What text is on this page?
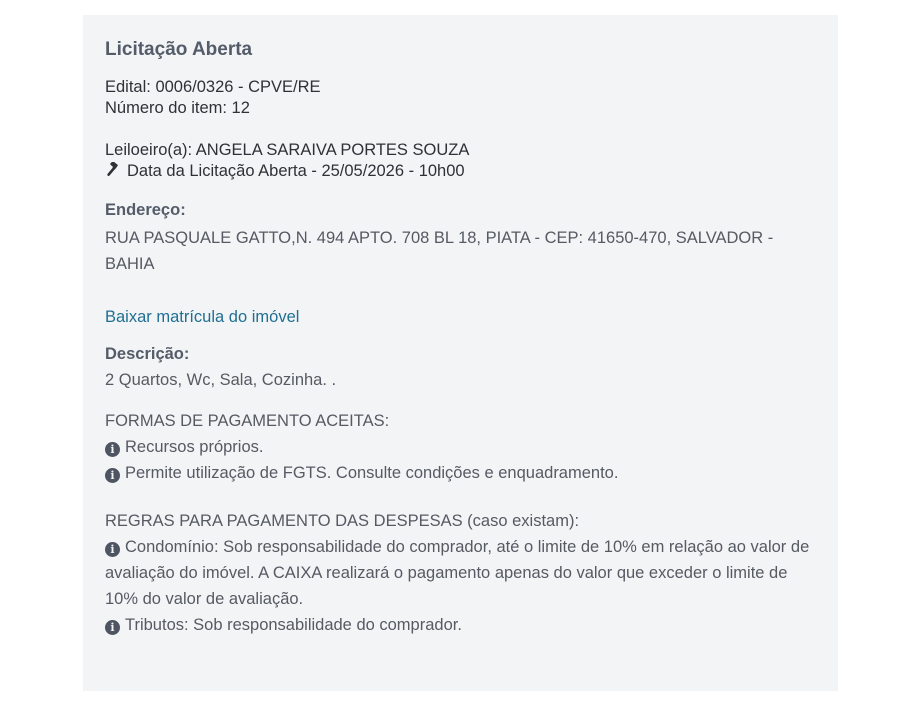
Licitação Aberta
Edital: 0006/0326 - CPVE/RE
Número do item: 12
Leiloeiro(a): ANGELA SARAIVA PORTES SOUZA
Data da Licitação Aberta - 25/05/2026 - 10h00
Endereço:
RUA PASQUALE GATTO,N. 494 APTO. 708 BL 18, PIATA - CEP: 41650-470, SALVADOR - BAHIA
Baixar matrícula do imóvel
Descrição:
2 Quartos, Wc, Sala, Cozinha. .
FORMAS DE PAGAMENTO ACEITAS:
i Recursos próprios.
i Permite utilização de FGTS. Consulte condições e enquadramento.
REGRAS PARA PAGAMENTO DAS DESPESAS (caso existam):
i Condomínio: Sob responsabilidade do comprador, até o limite de 10% em relação ao valor de avaliação do imóvel. A CAIXA realizará o pagamento apenas do valor que exceder o limite de 10% do valor de avaliação.
i Tributos: Sob responsabilidade do comprador.
